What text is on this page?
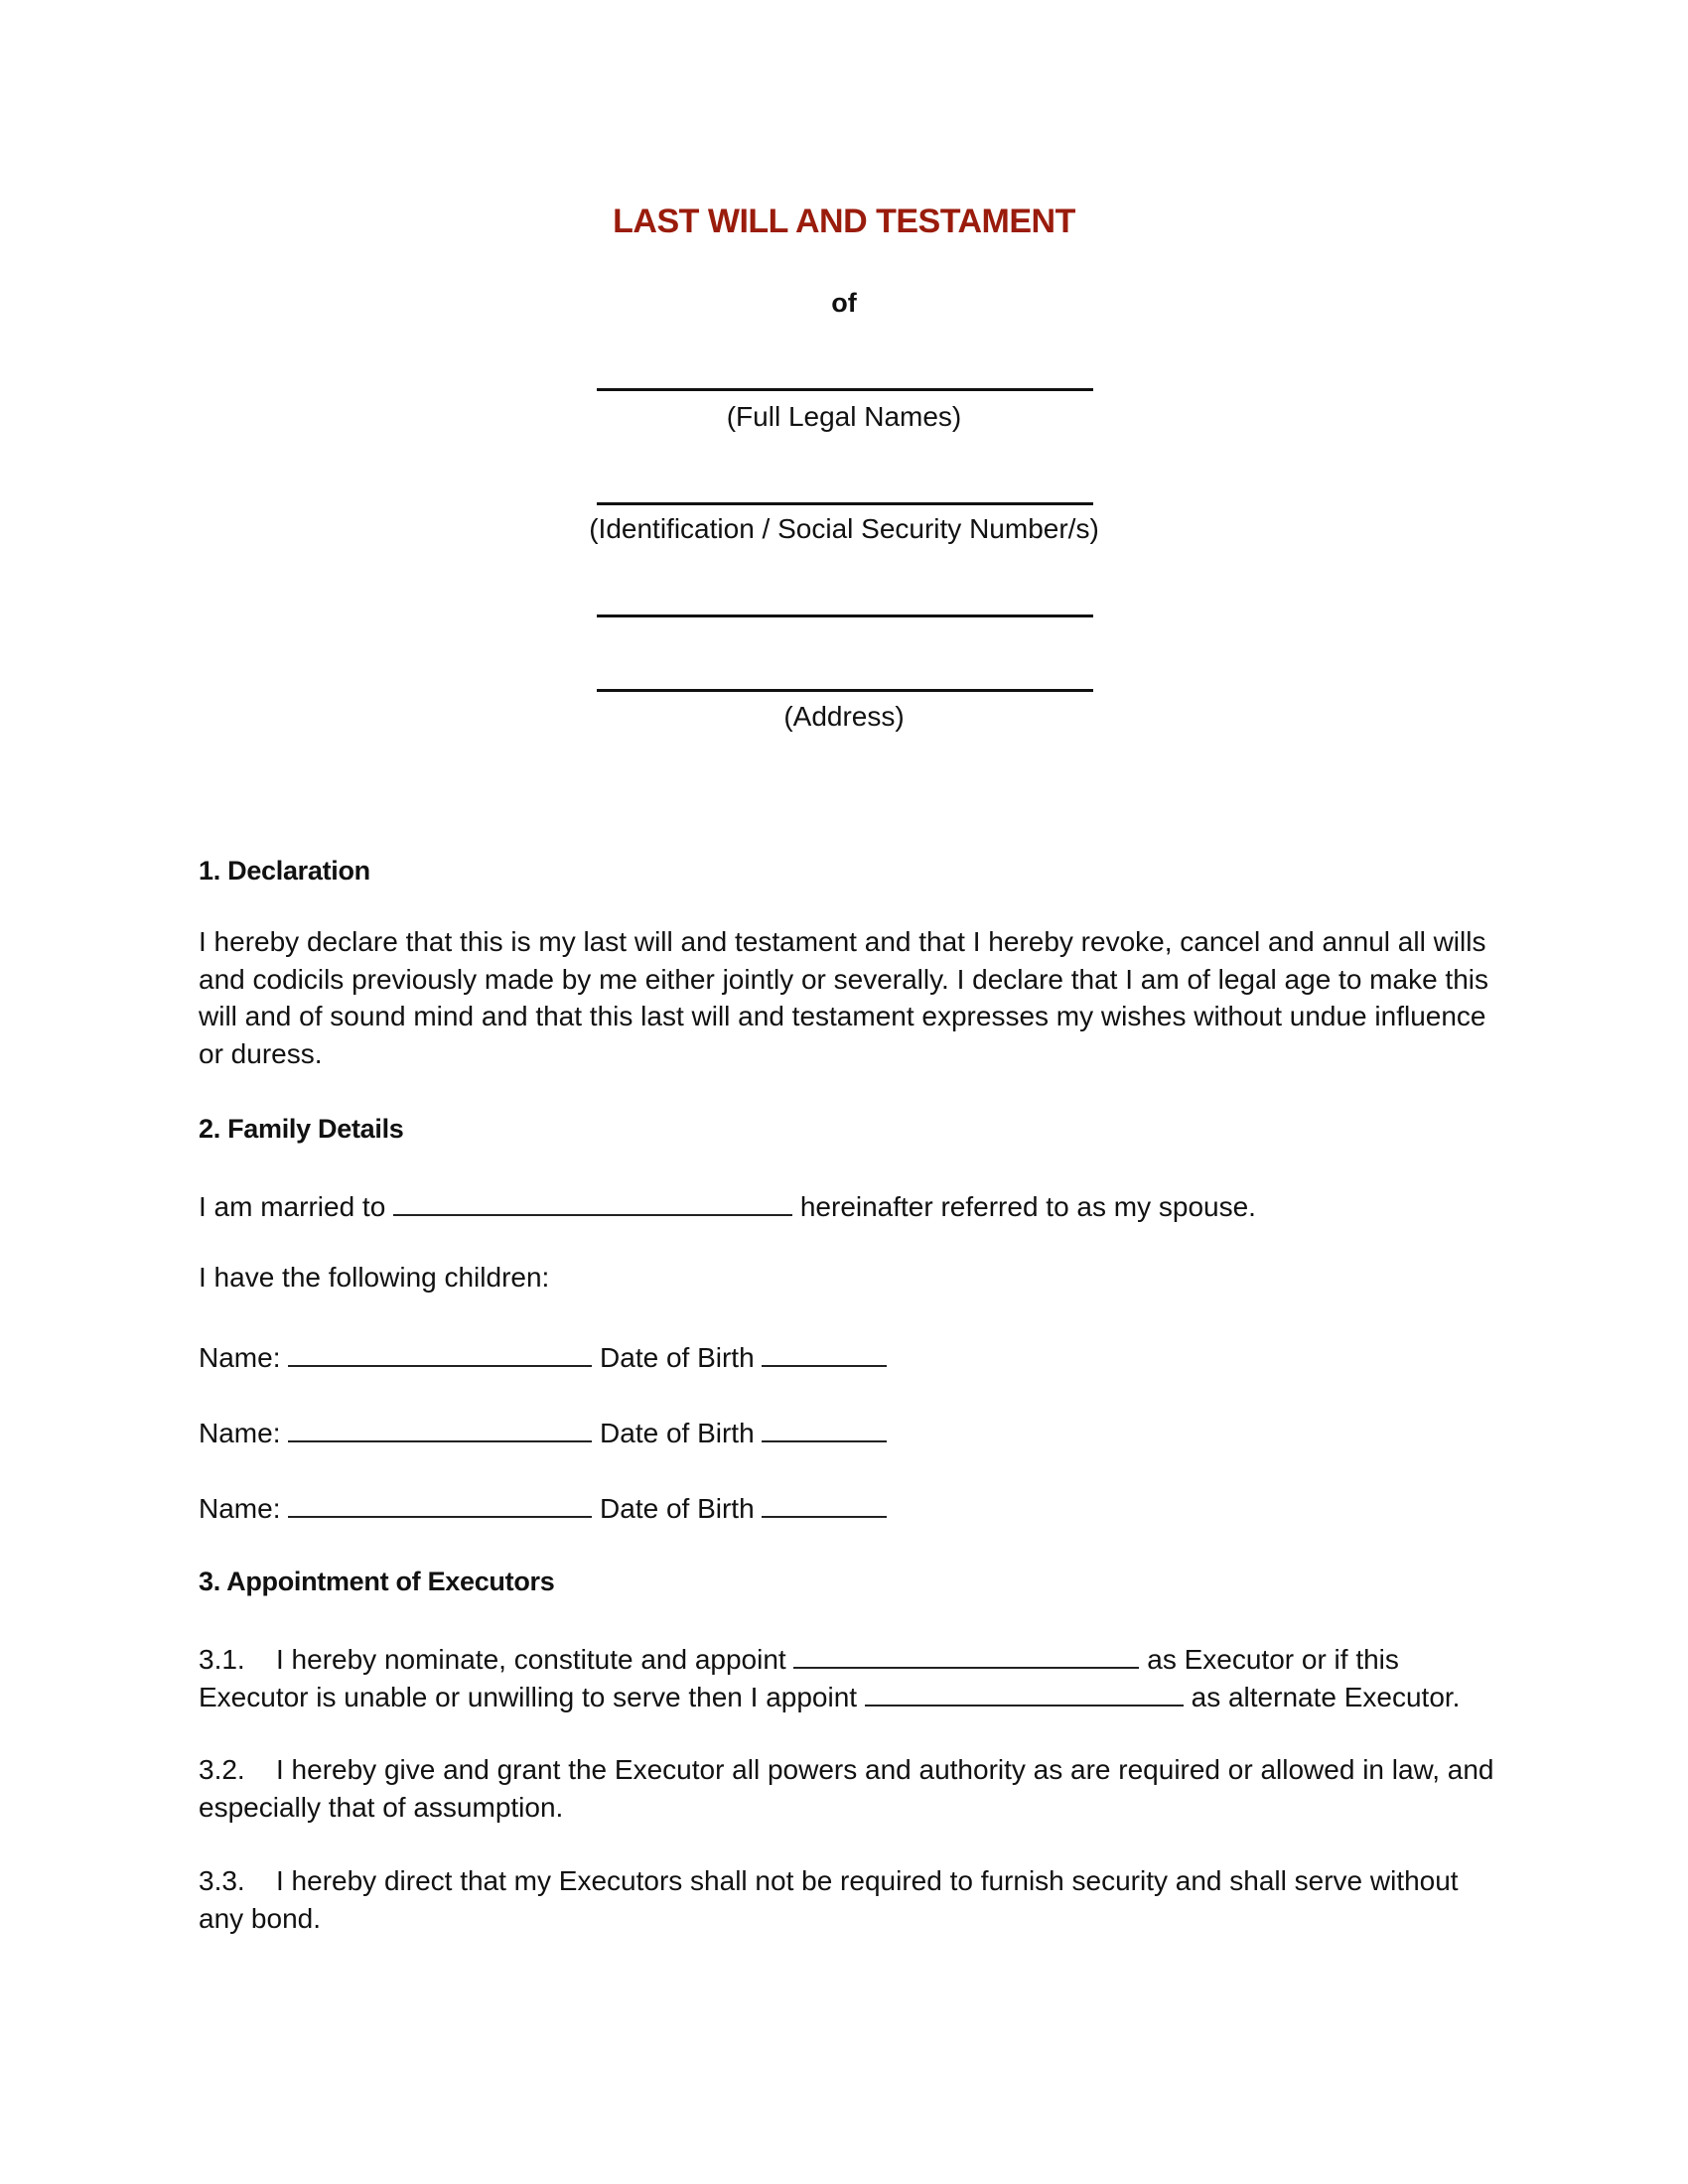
LAST WILL AND TESTAMENT
of
(Full Legal Names)
(Identification / Social Security Number/s)
(Address)
1. Declaration
I hereby declare that this is my last will and testament and that I hereby revoke, cancel and annul all wills and codicils previously made by me either jointly or severally. I declare that I am of legal age to make this will and of sound mind and that this last will and testament expresses my wishes without undue influence or duress.
2. Family Details
I am married to	hereinafter referred to as my spouse.
I have the following children:
Name:	Date of Birth
Name:	Date of Birth
Name:	Date of Birth
3. Appointment of Executors
3.1. I hereby nominate, constitute and appoint	as Executor or if this
Executor is unable or unwilling to serve then I appoint	as alternate Executor.
3.2. I hereby give and grant the Executor all powers and authority as are required or allowed in law, and especially that of assumption.
3.3. I hereby direct that my Executors shall not be required to furnish security and shall serve without any bond.
